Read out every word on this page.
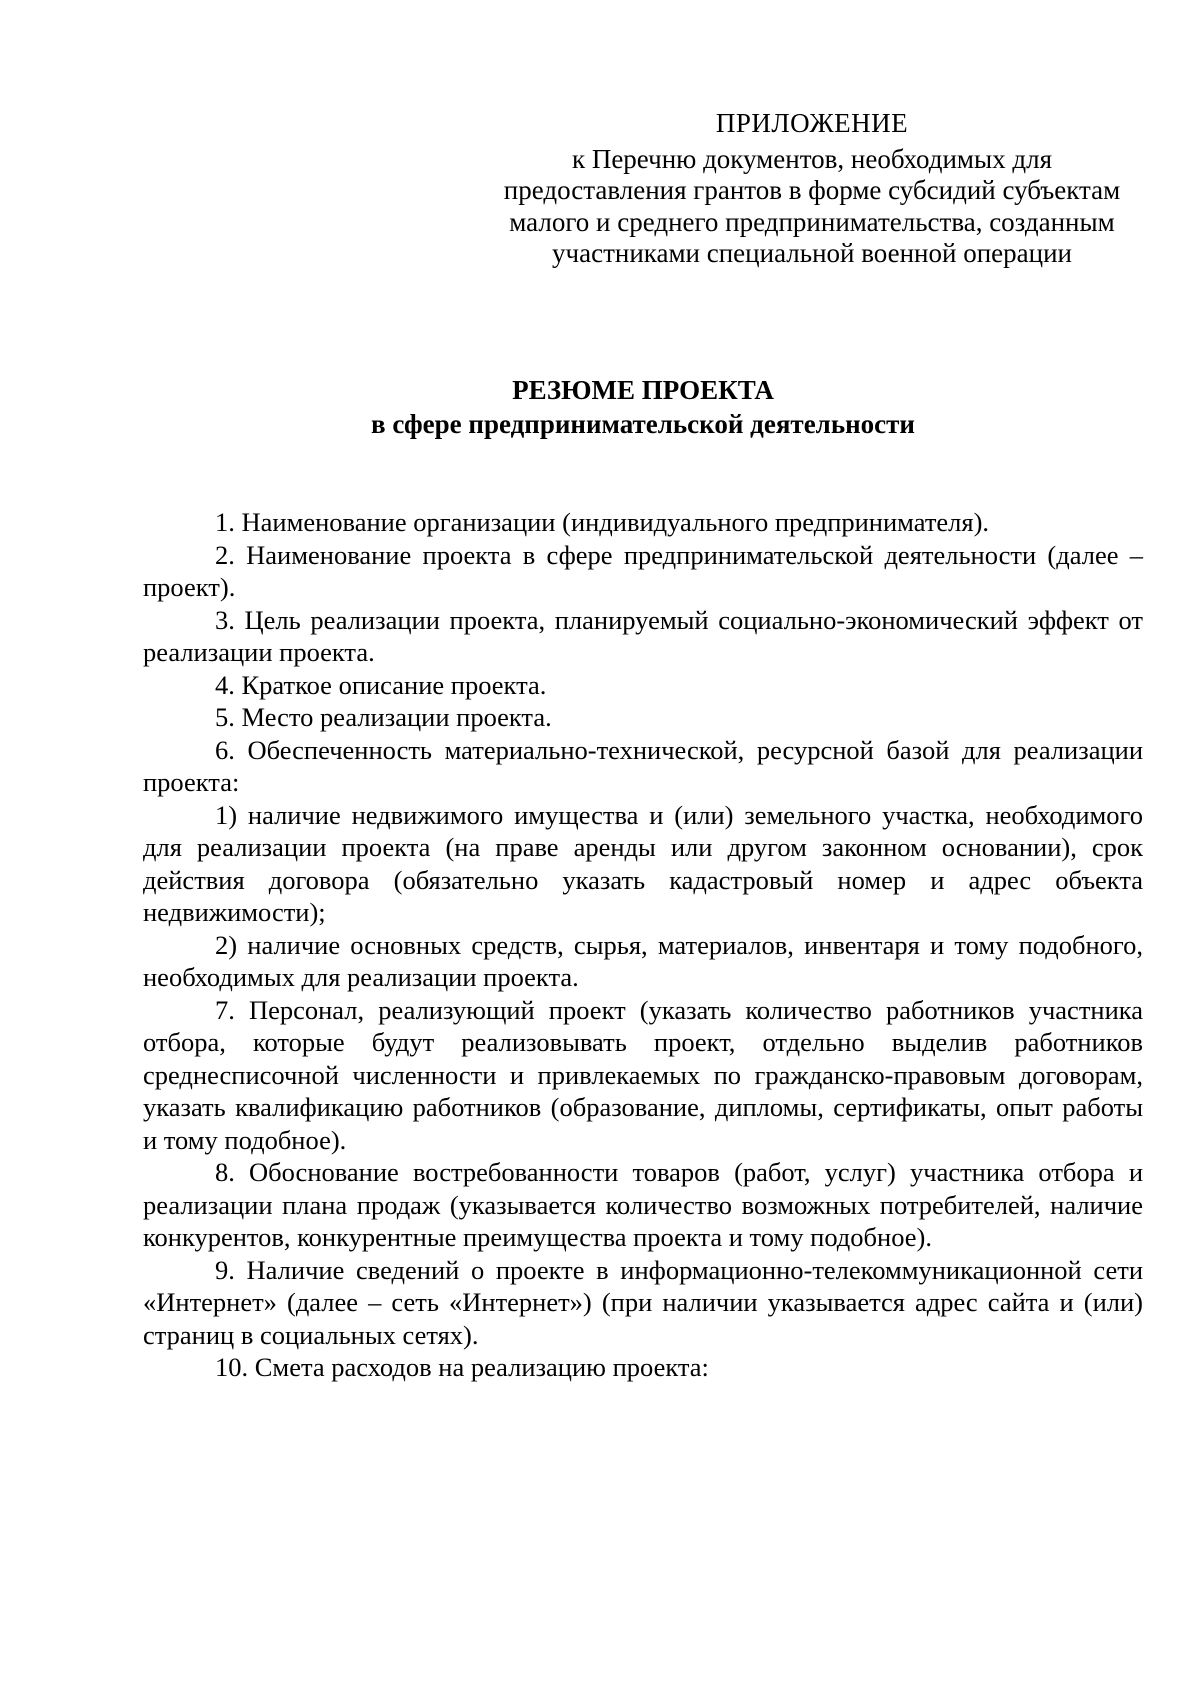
ПРИЛОЖЕНИЕ
к Перечню документов, необходимых для
предоставления грантов в форме субсидий субъектам
малого и среднего предпринимательства, созданным
участниками специальной военной операции
РЕЗЮМЕ ПРОЕКТА
в сфере предпринимательской деятельности

1. Наименование организации (индивидуального предпринимателя).

2. Наименование проекта в сфере предпринимательской деятельности (далее – проект).

3. Цель реализации проекта, планируемый социально-экономический эффект от реализации проекта.

4. Краткое описание проекта.

5. Место реализации проекта.

6. Обеспеченность материально-технической, ресурсной базой для реализации проекта:

1) наличие недвижимого имущества и (или) земельного участка, необходимого для реализации проекта (на праве аренды или другом законном основании), срок действия договора (обязательно указать кадастровый номер и адрес объекта недвижимости);

2) наличие основных средств, сырья, материалов, инвентаря и тому подобного, необходимых для реализации проекта.

7. Персонал, реализующий проект (указать количество работников участника отбора, которые будут реализовывать проект, отдельно выделив работников среднесписочной численности и привлекаемых по гражданско-правовым договорам, указать квалификацию работников (образование, дипломы, сертификаты, опыт работы и тому подобное).

8. Обоснование востребованности товаров (работ, услуг) участника отбора и реализации плана продаж (указывается количество возможных потребителей, наличие конкурентов, конкурентные преимущества проекта и тому подобное).

9. Наличие сведений о проекте в информационно-телекоммуникационной сети «Интернет» (далее – сеть «Интернет») (при наличии указывается адрес сайта и (или) страниц в социальных сетях).

10. Смета расходов на реализацию проекта:
